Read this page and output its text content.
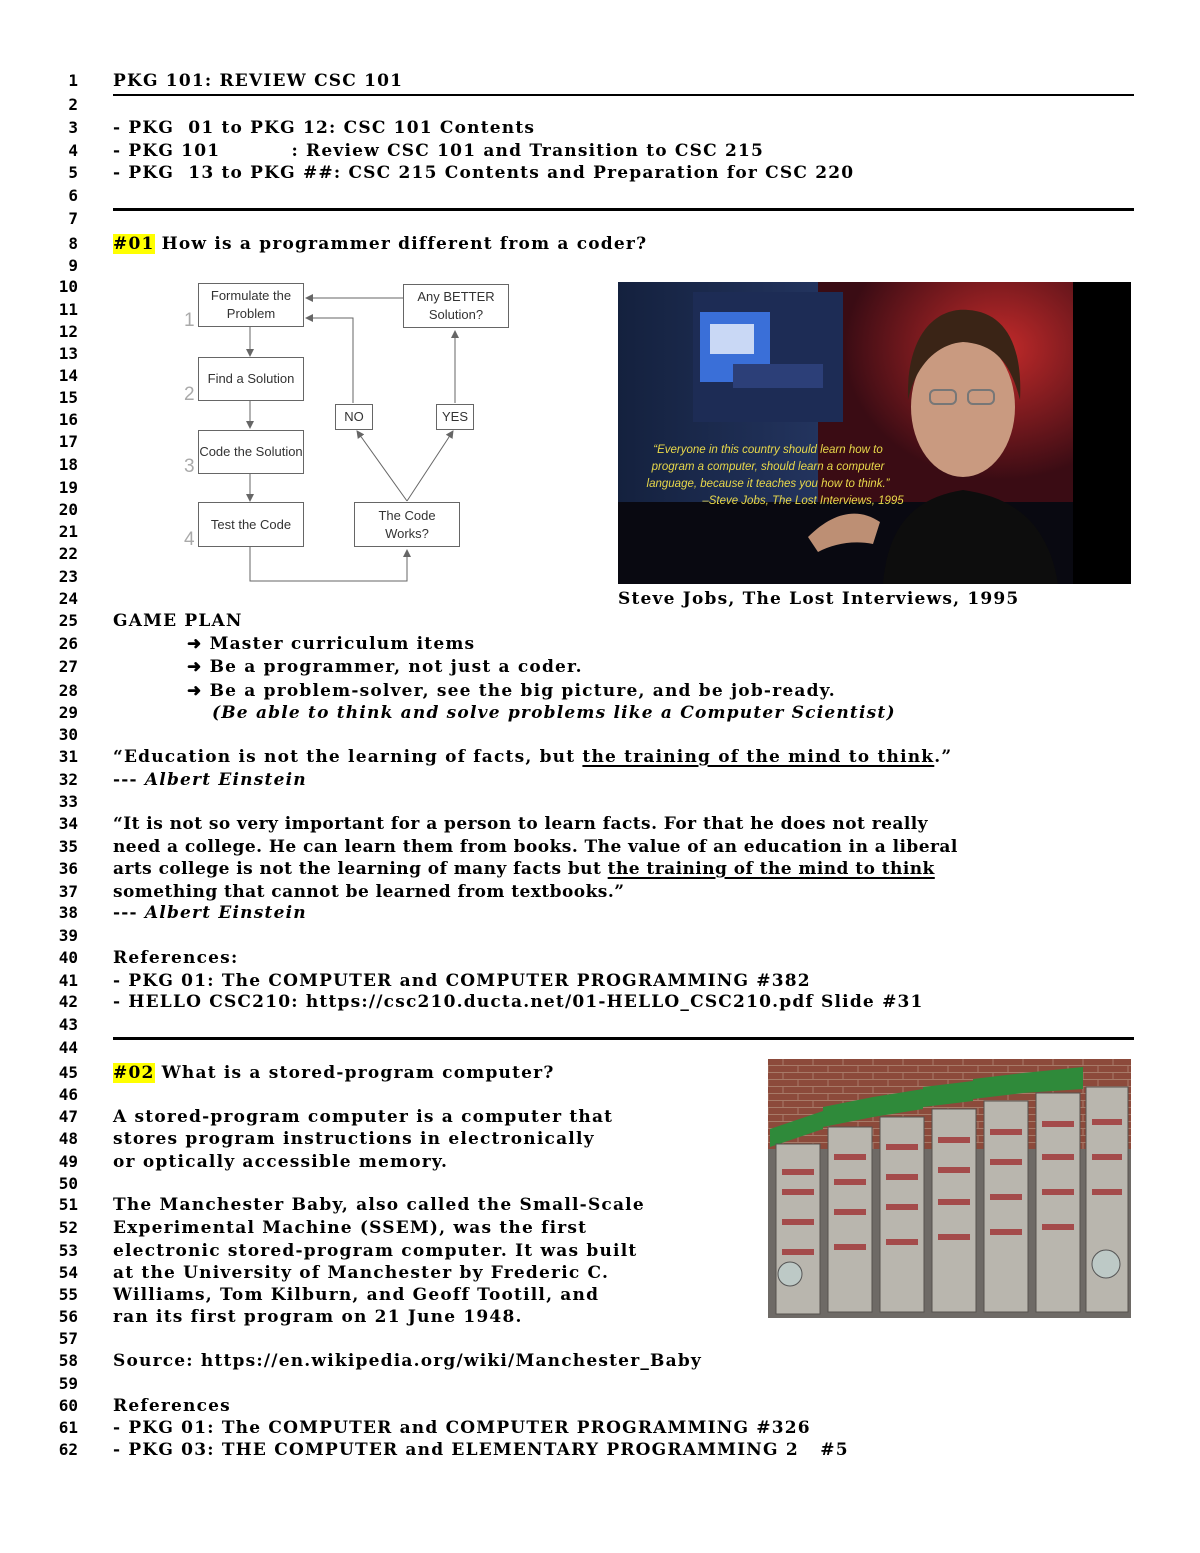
1
2
3
4
5
6
7
8
9
10
11
12
13
14
15
16
17
18
19
20
21
22
23
24
25
26
27
28
29
30
31
32
33
34
35
36
37
38
39
40
41
42
43
44
45
46
47
48
49
50
51
52
53
54
55
56
57
58
59
60
61
62
PKG 101: REVIEW CSC 101
- PKG  01 to PKG 12: CSC 101 Contents
- PKG 101          : Review CSC 101 and Transition to CSC 215
- PKG  13 to PKG ##: CSC 215 Contents and Preparation for CSC 220
#01 How is a programmer different from a coder?
Formulate the Problem
Find a Solution
Code the Solution
Test the Code
The Code Works?
NO	YES
Any BETTER Solution?
1
2
3
4
“Everyone in this country should learn how to
program a computer, should learn a computer
language, because it teaches you how to think.”
–Steve Jobs, The Lost Interviews, 1995
Steve Jobs, The Lost Interviews, 1995
GAME PLAN
➜ Master curriculum items
➜ Be a programmer, not just a coder.
➜ Be a problem-solver, see the big picture, and be job-ready.
(Be able to think and solve problems like a Computer Scientist)
“Education is not the learning of facts, but the training of the mind to think.”
--- Albert Einstein
“It is not so very important for a person to learn facts. For that he does not really
need a college. He can learn them from books. The value of an education in a liberal
arts college is not the learning of many facts but the training of the mind to think
something that cannot be learned from textbooks.”
--- Albert Einstein
References:
- PKG 01: The COMPUTER and COMPUTER PROGRAMMING #382
- HELLO CSC210: https://csc210.ducta.net/01-HELLO_CSC210.pdf Slide #31
#02 What is a stored-program computer?
A stored-program computer is a computer that
stores program instructions in electronically
or optically accessible memory.
The Manchester Baby, also called the Small-Scale
Experimental Machine (SSEM), was the first
electronic stored-program computer. It was built
at the University of Manchester by Frederic C.
Williams, Tom Kilburn, and Geoff Tootill, and
ran its first program on 21 June 1948.
Source: https://en.wikipedia.org/wiki/Manchester_Baby
References
- PKG 01: The COMPUTER and COMPUTER PROGRAMMING #326
- PKG 03: THE COMPUTER and ELEMENTARY PROGRAMMING 2   #5
